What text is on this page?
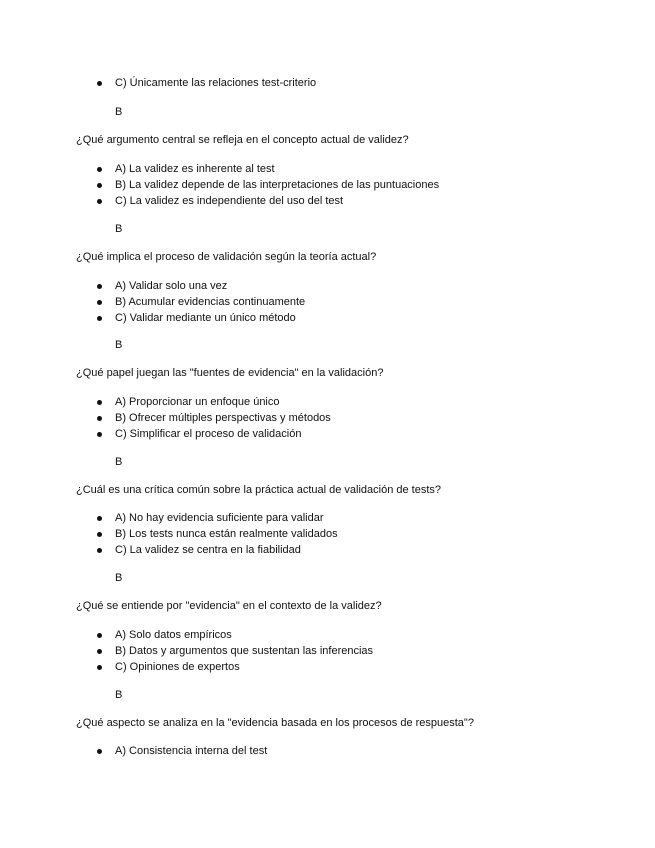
C) Únicamente las relaciones test-criterio
B
¿Qué argumento central se refleja en el concepto actual de validez?
A) La validez es inherente al test
B) La validez depende de las interpretaciones de las puntuaciones
C) La validez es independiente del uso del test
B
¿Qué implica el proceso de validación según la teoría actual?
A) Validar solo una vez
B) Acumular evidencias continuamente
C) Validar mediante un único método
B
¿Qué papel juegan las "fuentes de evidencia" en la validación?
A) Proporcionar un enfoque único
B) Ofrecer múltiples perspectivas y métodos
C) Simplificar el proceso de validación
B
¿Cuál es una crítica común sobre la práctica actual de validación de tests?
A) No hay evidencia suficiente para validar
B) Los tests nunca están realmente validados
C) La validez se centra en la fiabilidad
B
¿Qué se entiende por "evidencia" en el contexto de la validez?
A) Solo datos empíricos
B) Datos y argumentos que sustentan las inferencias
C) Opiniones de expertos
B
¿Qué aspecto se analiza en la "evidencia basada en los procesos de respuesta"?
A) Consistencia interna del test
